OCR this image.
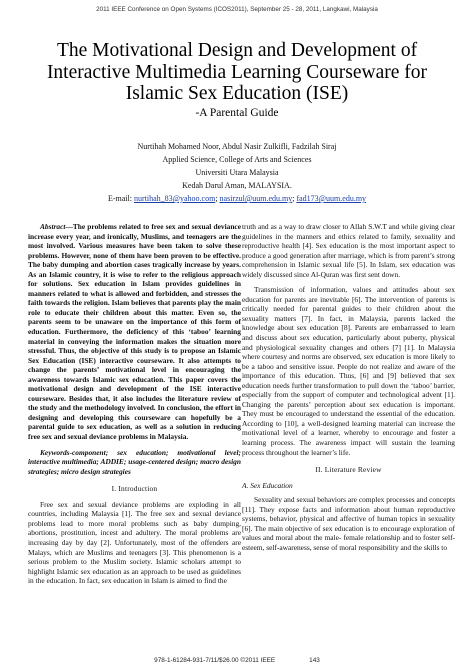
2011 IEEE Conference on Open Systems (ICOS2011), September 25 - 28, 2011, Langkawi, Malaysia
The Motivational Design and Development of Interactive Multimedia Learning Courseware for Islamic Sex Education (ISE)
-A Parental Guide
Nurtihah Mohamed Noor, Abdul Nasir Zulkifli, Fadzilah Siraj
Applied Science, College of Arts and Sciences
Universiti Utara Malaysia
Kedah Darul Aman, MALAYSIA.
E-mail: nurtihah_83@yahoo.com; nasirzul@uum.edu.my; fad173@uum.edu.my

Abstract—The problems related to free sex and sexual deviance increase every year, and ironically, Muslims, and teenagers are the most involved. Various measures have been taken to solve these problems. However, none of them have been proven to be effective. The baby dumping and abortion cases tragically increase by years. As an Islamic country, it is wise to refer to the religious approach for solutions. Sex education in Islam provides guidelines in manners related to what is allowed and forbidden, and stresses the faith towards the religion. Islam believes that parents play the main role to educate their children about this matter. Even so, the parents seem to be unaware on the importance of this form of education. Furthermore, the deficiency of this ‘taboo’ learning material in conveying the information makes the situation more stressful. Thus, the objective of this study is to propose an Islamic Sex Education (ISE) interactive courseware. It also attempts to change the parents’ motivational level in encouraging the awareness towards Islamic sex education. This paper covers the motivational design and development of the ISE interactive courseware. Besides that, it also includes the literature review of the study and the methodology involved. In conclusion, the effort in designing and developing this courseware can hopefully be a parental guide to sex education, as well as a solution in reducing free sex and sexual deviance problems in Malaysia.

Keywords-component; sex education; motivational level; interactive multimedia; ADDIE; usage-centered design; macro design strategies; micro design strategies

I. Introduction

Free sex and sexual deviance problems are exploding in all countries, including Malaysia [1]. The free sex and sexual deviance problems lead to more moral problems such as baby dumping, abortions, prostitution, incest and adultery. The moral problems are increasing day by day [2]. Unfortunately, most of the offenders are Malays, which are Muslims and teenagers [3]. This phenomenon is a serious problem to the Muslim society. Islamic scholars attempt to highlight Islamic sex education as an approach to be used as guidelines in the education. In fact, sex education in Islam is aimed to find the

truth and as a way to draw closer to Allah S.W.T and while giving clear guidelines in the manners and ethics related to family, sexuality and reproductive health [4]. Sex education is the most important aspect to produce a good generation after marriage, which is from parent’s strong comprehension in Islamic sexual life [5]. In Islam, sex education was widely discussed since Al-Quran was first sent down.

Transmission of information, values and attitudes about sex education for parents are inevitable [6]. The intervention of parents is critically needed for parental guides to their children about the sexuality matters [7]. In fact, in Malaysia, parents lacked the knowledge about sex education [8]. Parents are embarrassed to learn and discuss about sex education, particularly about puberty, physical and physiological sexuality changes and others [7] [1]. In Malaysia where courtesy and norms are observed, sex education is more likely to be a taboo and sensitive issue. People do not realize and aware of the importance of this education. Thus, [6] and [9] believed that sex education needs further transformation to pull down the ‘taboo’ barrier, especially from the support of computer and technological advent [1]. Changing the parents’ perception about sex education is important. They must be encouraged to understand the essential of the education. According to [10], a well-designed learning material can increase the motivational level of a learner, whereby to encourage and foster a learning process. The awareness impact will sustain the learning process throughout the learner’s life.

II. Literature Review
A. Sex Education

Sexuality and sexual behaviors are complex processes and concepts [11]. They expose facts and information about human reproductive systems, behavior, physical and affective of human topics in sexuality [6]. The main objective of sex education is to encourage exploration of values and moral about the male- female relationship and to foster self-esteem, self-awareness, sense of moral responsibility and the skills to

978-1-61284-931-7/11/$26.00 ©2011 IEEE	143
